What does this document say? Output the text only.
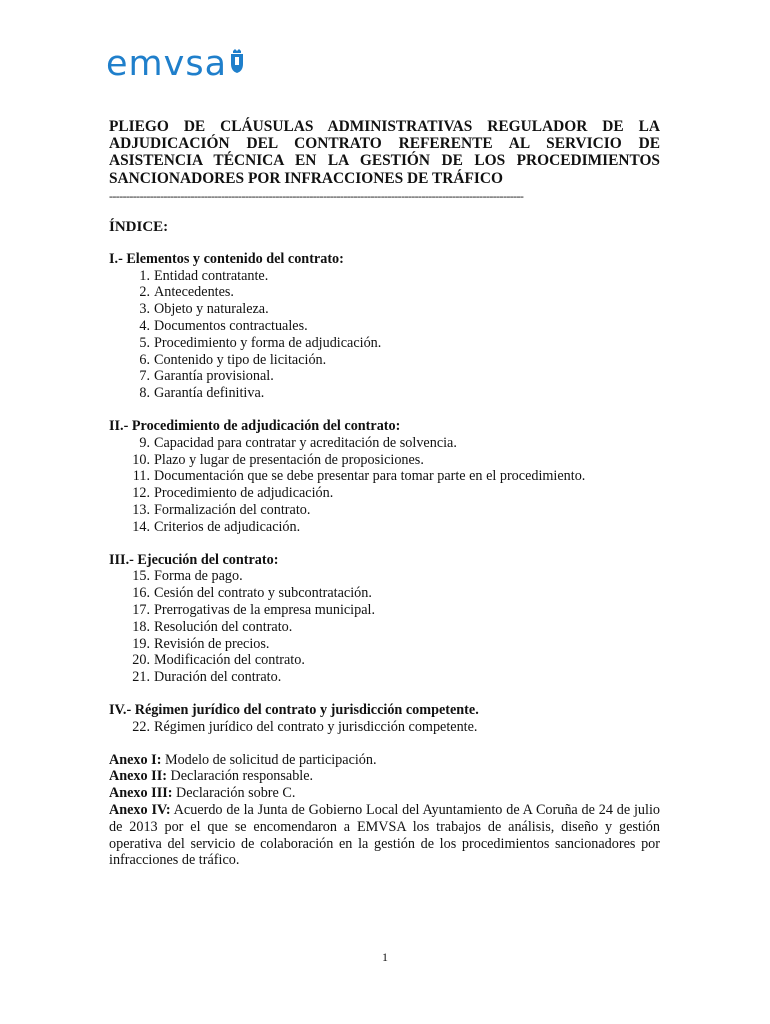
emvsa
PLIEGO DE CLÁUSULAS ADMINISTRATIVAS REGULADOR DE LA
ADJUDICACIÓN DEL CONTRATO REFERENTE AL SERVICIO DE
ASISTENCIA TÉCNICA EN LA GESTIÓN DE LOS PROCEDIMIENTOS
SANCIONADORES POR INFRACCIONES DE TRÁFICO
--------------------------------------------------------------------------------------------------------------------------
ÍNDICE:
I.- Elementos y contenido del contrato:
1. Entidad contratante.
2. Antecedentes.
3. Objeto y naturaleza.
4. Documentos contractuales.
5. Procedimiento y forma de adjudicación.
6. Contenido y tipo de licitación.
7. Garantía provisional.
8. Garantía definitiva.
II.- Procedimiento de adjudicación del contrato:
9. Capacidad para contratar y acreditación de solvencia.
10. Plazo y lugar de presentación de proposiciones.
11. Documentación que se debe presentar para tomar parte en el procedimiento.
12. Procedimiento de adjudicación.
13. Formalización del contrato.
14. Criterios de adjudicación.
III.- Ejecución del contrato:
15. Forma de pago.
16. Cesión del contrato y subcontratación.
17. Prerrogativas de la empresa municipal.
18. Resolución del contrato.
19. Revisión de precios.
20. Modificación del contrato.
21. Duración del contrato.
IV.- Régimen jurídico del contrato y jurisdicción competente.
22. Régimen jurídico del contrato y jurisdicción competente.
Anexo I: Modelo de solicitud de participación.
Anexo II: Declaración responsable.
Anexo III: Declaración sobre C.
Anexo IV: Acuerdo de la Junta de Gobierno Local del Ayuntamiento de A Coruña de 24 de julio de 2013 por el que se encomendaron a EMVSA los trabajos de análisis, diseño y gestión operativa del servicio de colaboración en la gestión de los procedimientos sancionadores por infracciones de tráfico.
1
